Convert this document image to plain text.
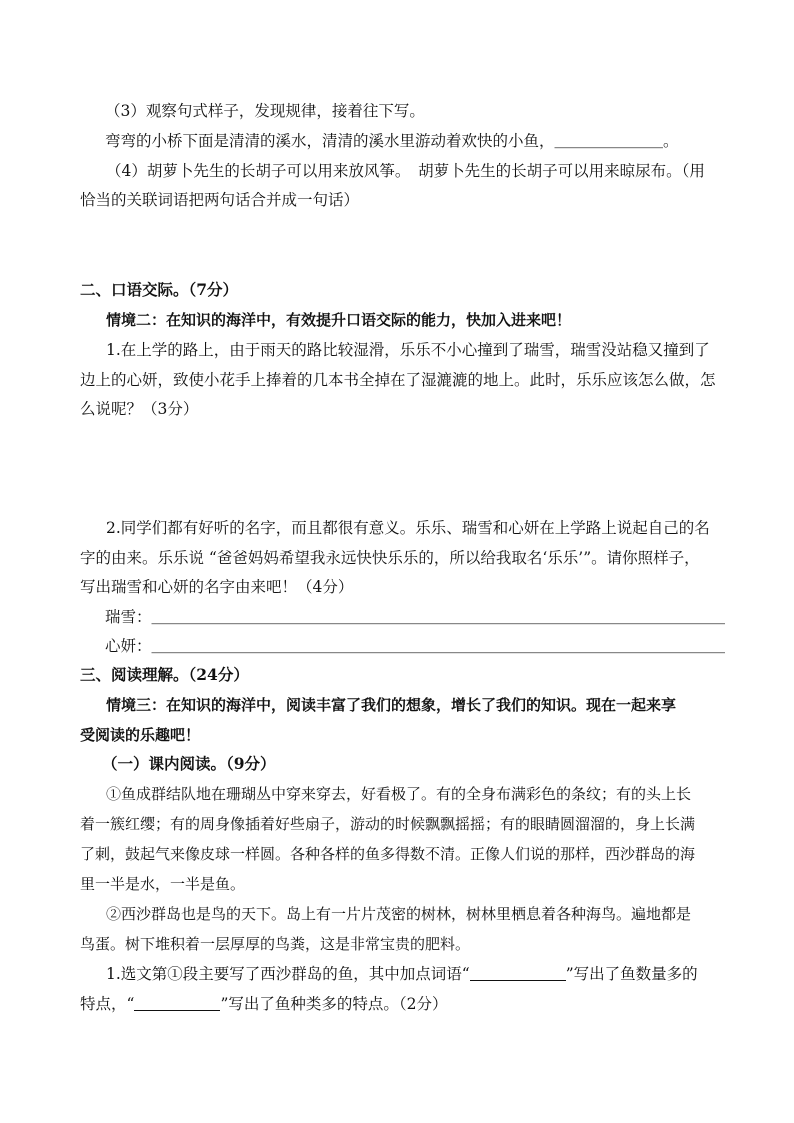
（3）观察句式样子，发现规律，接着往下写。
弯弯的小桥下面是清清的溪水，清清的溪水里游动着欢快的小鱼，＿＿＿＿＿＿＿。
（4）胡萝卜先生的长胡子可以用来放风筝。　胡萝卜先生的长胡子可以用来晾尿布。（用
恰当的关联词语把两句话合并成一句话）
二、口语交际。（7分）
情境二：在知识的海洋中，有效提升口语交际的能力，快加入进来吧！
1.在上学的路上，由于雨天的路比较湿滑，乐乐不小心撞到了瑞雪，瑞雪没站稳又撞到了
边上的心妍，致使小花手上捧着的几本书全掉在了湿漉漉的地上。此时，乐乐应该怎么做，怎
么说呢？（3分）
2.同学们都有好听的名字，而且都很有意义。乐乐、瑞雪和心妍在上学路上说起自己的名
字的由来。乐乐说 “爸爸妈妈希望我永远快快乐乐的，所以给我取名‘乐乐’”。请你照样子，
写出瑞雪和心妍的名字由来吧！（4分）
瑞雪：＿＿＿＿＿＿＿＿＿＿＿＿＿＿＿＿＿＿＿＿＿＿＿＿＿＿＿＿＿＿＿＿＿＿＿＿＿
心妍：＿＿＿＿＿＿＿＿＿＿＿＿＿＿＿＿＿＿＿＿＿＿＿＿＿＿＿＿＿＿＿＿＿＿＿＿＿
三、阅读理解。（24分）
情境三：在知识的海洋中，阅读丰富了我们的想象，增长了我们的知识。现在一起来享
受阅读的乐趣吧！
（一）课内阅读。（9分）
①鱼成群结队地在珊瑚丛中穿来穿去，好看极了。有的全身布满彩色的条纹；有的头上长
着一簇红缨；有的周身像插着好些扇子，游动的时候飘飘摇摇；有的眼睛圆溜溜的，身上长满
了刺，鼓起气来像皮球一样圆。各种各样的鱼多得数不清。正像人们说的那样，西沙群岛的海
里一半是水，一半是鱼。
②西沙群岛也是鸟的天下。岛上有一片片茂密的树林，树林里栖息着各种海鸟。遍地都是
鸟蛋。树下堆积着一层厚厚的鸟粪，这是非常宝贵的肥料。
1.选文第①段主要写了西沙群岛的鱼，其中加点词语“	”写出了鱼数量多的
特点，“	”写出了鱼种类多的特点。（2分）
